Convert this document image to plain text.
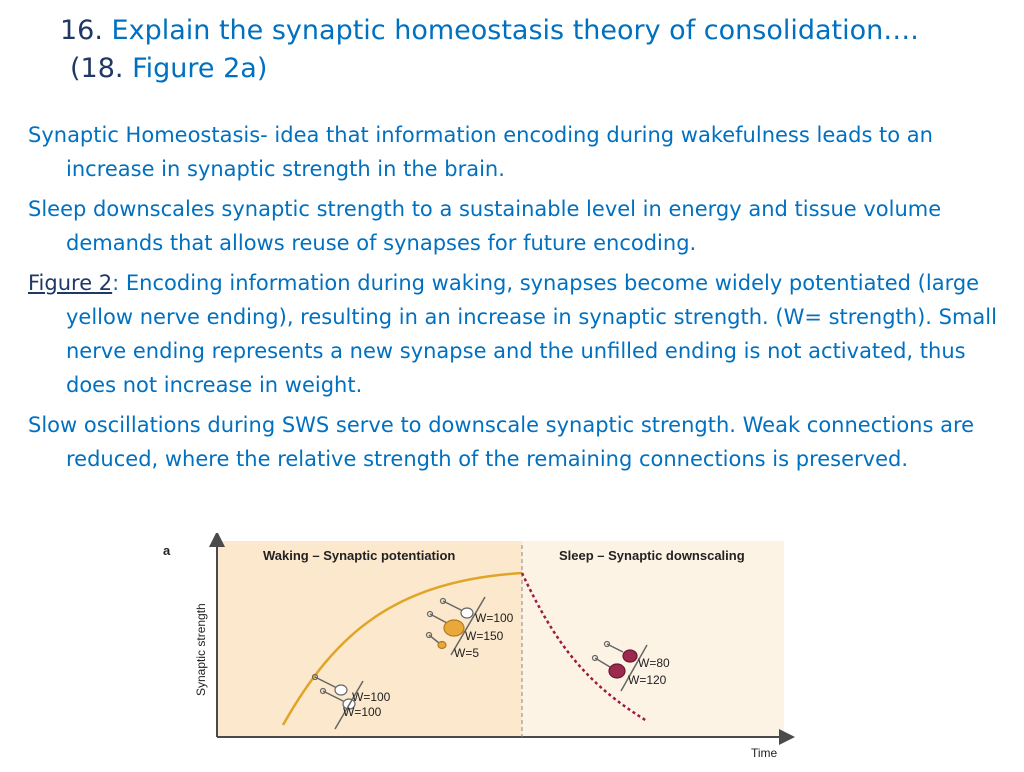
16. Explain the synaptic homeostasis theory of consolidation….
(18. Figure 2a)

Synaptic Homeostasis- idea that information encoding during wakefulness leads to an increase in synaptic strength in the brain.

Sleep downscales synaptic strength to a sustainable level in energy and tissue volume demands that allows reuse of synapses for future encoding.

Figure 2: Encoding information during waking, synapses become widely potentiated (large yellow nerve ending), resulting in an increase in synaptic strength. (W= strength). Small nerve ending represents a new synapse and the unfilled ending is not activated, thus does not increase in weight.

Slow oscillations during SWS serve to downscale synaptic strength. Weak connections are reduced, where the relative strength of the remaining connections is preserved.

a	Waking – Synaptic potentiation	Sleep – Synaptic downscaling
Synaptic strength
Time
W=100
W=100
W=100
W=150
W=5
W=80
W=120
